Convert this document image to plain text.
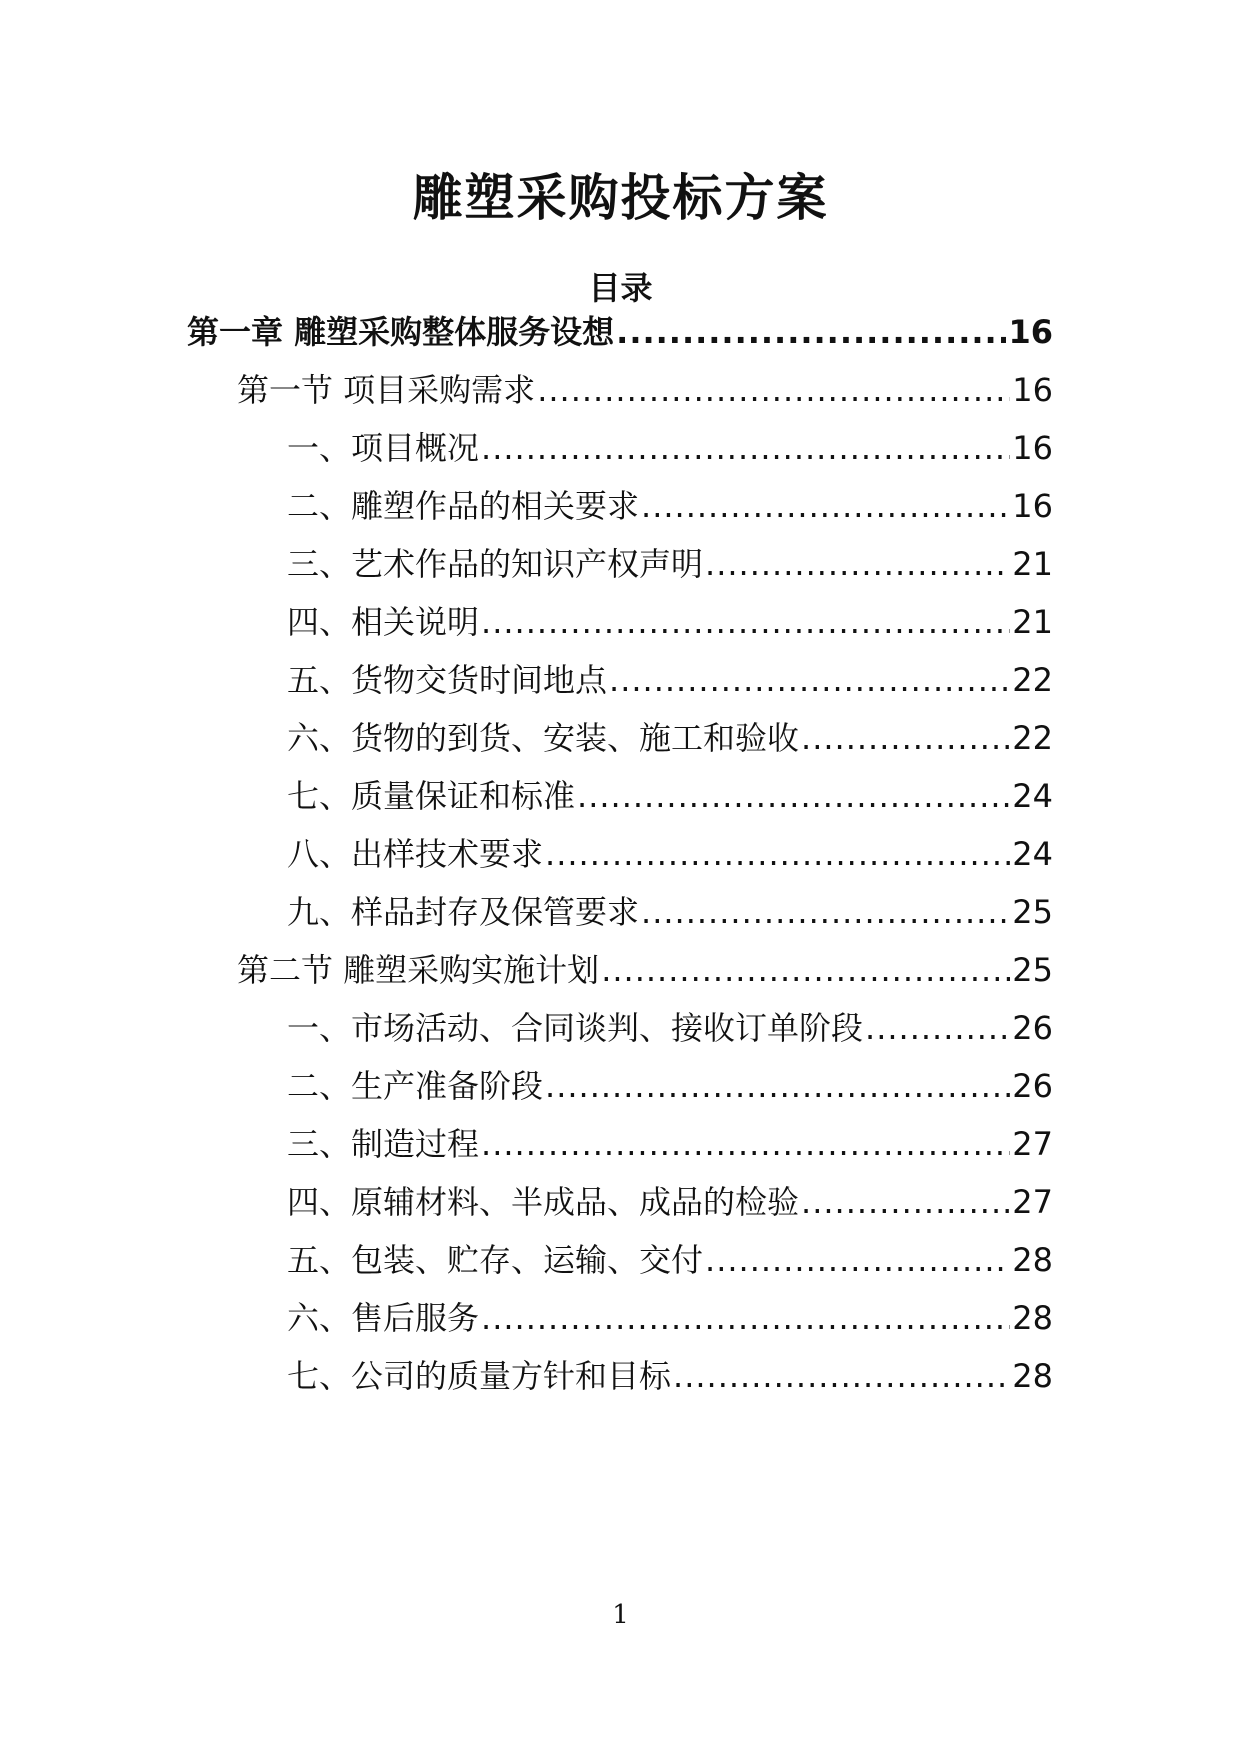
雕塑采购投标方案
目录
第一章 雕塑采购整体服务设想 .....	16
第一节 项目采购需求 .....	16
一、项目概况 .....	16
二、雕塑作品的相关要求 .....	16
三、艺术作品的知识产权声明 .....	21
四、相关说明 .....	21
五、货物交货时间地点 .....	22
六、货物的到货、安装、施工和验收 .....	22
七、质量保证和标准 .....	24
八、出样技术要求 .....	24
九、样品封存及保管要求 .....	25
第二节 雕塑采购实施计划 .....	25
一、市场活动、合同谈判、接收订单阶段 .....	26
二、生产准备阶段 .....	26
三、制造过程 .....	27
四、原辅材料、半成品、成品的检验 .....	27
五、包装、贮存、运输、交付 .....	28
六、售后服务 .....	28
七、公司的质量方针和目标 .....	28
1
